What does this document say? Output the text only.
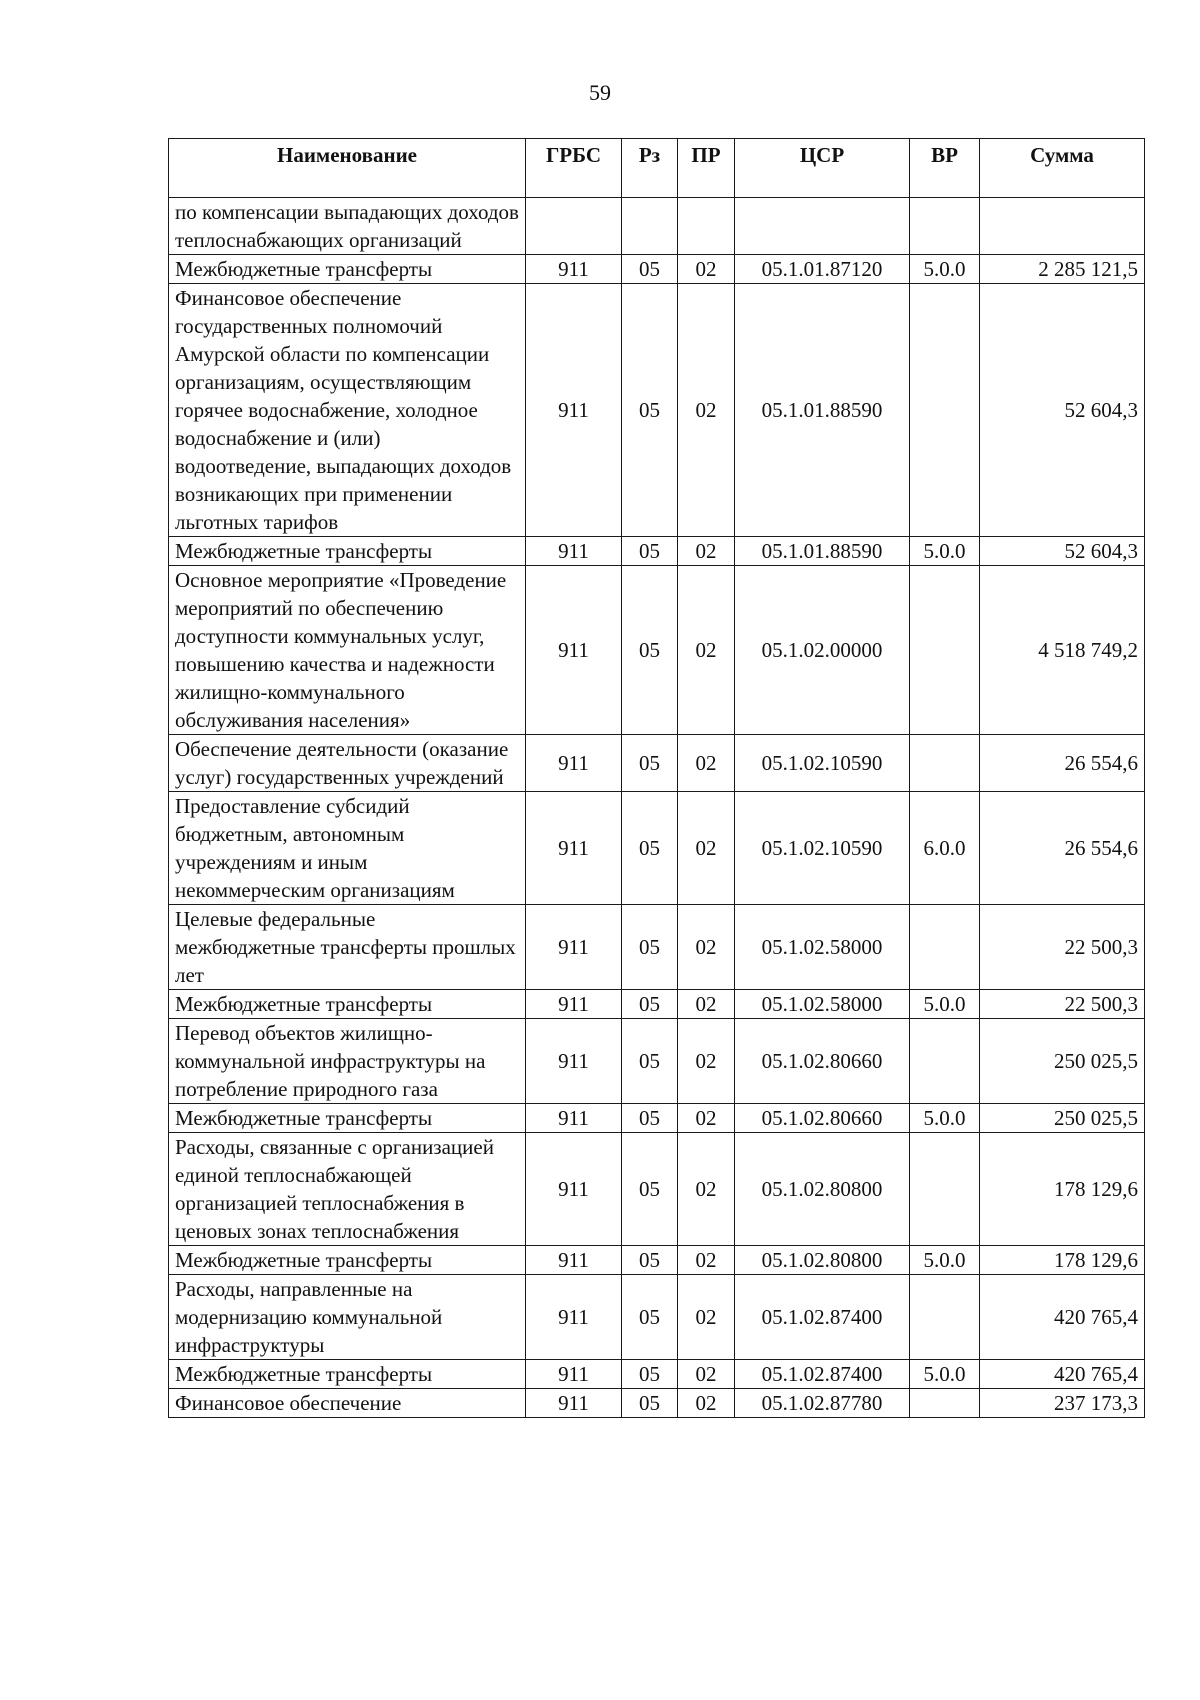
59
Наименование	ГРБС	Рз	ПР	ЦСР	ВР	Сумма
по компенсации выпадающих доходов теплоснабжающих организаций						
Межбюджетные трансферты	911	05	02	05.1.01.87120	5.0.0	2 285 121,5
Финансовое обеспечение государственных полномочий Амурской области по компенсации организациям, осуществляющим горячее водоснабжение, холодное водоснабжение и (или) водоотведение, выпадающих доходов возникающих при применении льготных тарифов	911	05	02	05.1.01.88590		52 604,3
Межбюджетные трансферты	911	05	02	05.1.01.88590	5.0.0	52 604,3
Основное мероприятие «Проведение мероприятий по обеспечению доступности коммунальных услуг, повышению качества и надежности жилищно-коммунального обслуживания населения»	911	05	02	05.1.02.00000		4 518 749,2
Обеспечение деятельности (оказание услуг) государственных учреждений	911	05	02	05.1.02.10590		26 554,6
Предоставление субсидий бюджетным, автономным учреждениям и иным некоммерческим организациям	911	05	02	05.1.02.10590	6.0.0	26 554,6
Целевые федеральные межбюджетные трансферты прошлых лет	911	05	02	05.1.02.58000		22 500,3
Межбюджетные трансферты	911	05	02	05.1.02.58000	5.0.0	22 500,3
Перевод объектов жилищно-коммунальной инфраструктуры на потребление природного газа	911	05	02	05.1.02.80660		250 025,5
Межбюджетные трансферты	911	05	02	05.1.02.80660	5.0.0	250 025,5
Расходы, связанные с организацией единой теплоснабжающей организацией теплоснабжения в ценовых зонах теплоснабжения	911	05	02	05.1.02.80800		178 129,6
Межбюджетные трансферты	911	05	02	05.1.02.80800	5.0.0	178 129,6
Расходы, направленные на модернизацию коммунальной инфраструктуры	911	05	02	05.1.02.87400		420 765,4
Межбюджетные трансферты	911	05	02	05.1.02.87400	5.0.0	420 765,4
Финансовое обеспечение	911	05	02	05.1.02.87780		237 173,3
